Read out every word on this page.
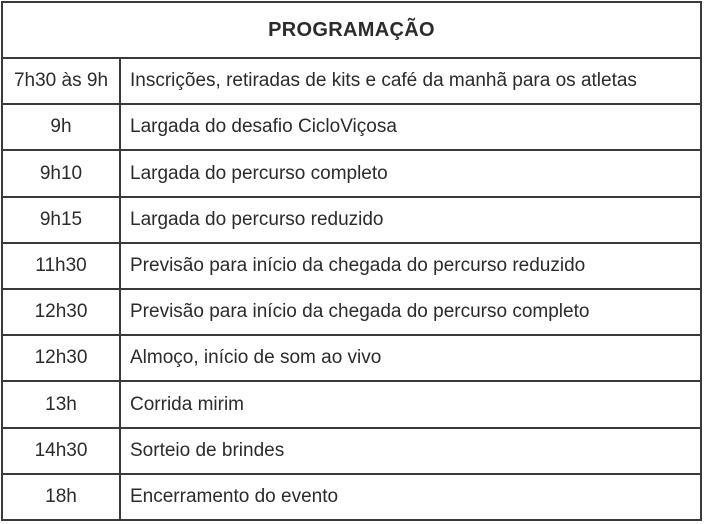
PROGRAMAÇÃO
7h30 às 9h	Inscrições, retiradas de kits e café da manhã para os atletas
9h	Largada do desafio CicloViçosa
9h10	Largada do percurso completo
9h15	Largada do percurso reduzido
11h30	Previsão para início da chegada do percurso reduzido
12h30	Previsão para início da chegada do percurso completo
12h30	Almoço, início de som ao vivo
13h	Corrida mirim
14h30	Sorteio de brindes
18h	Encerramento do evento
